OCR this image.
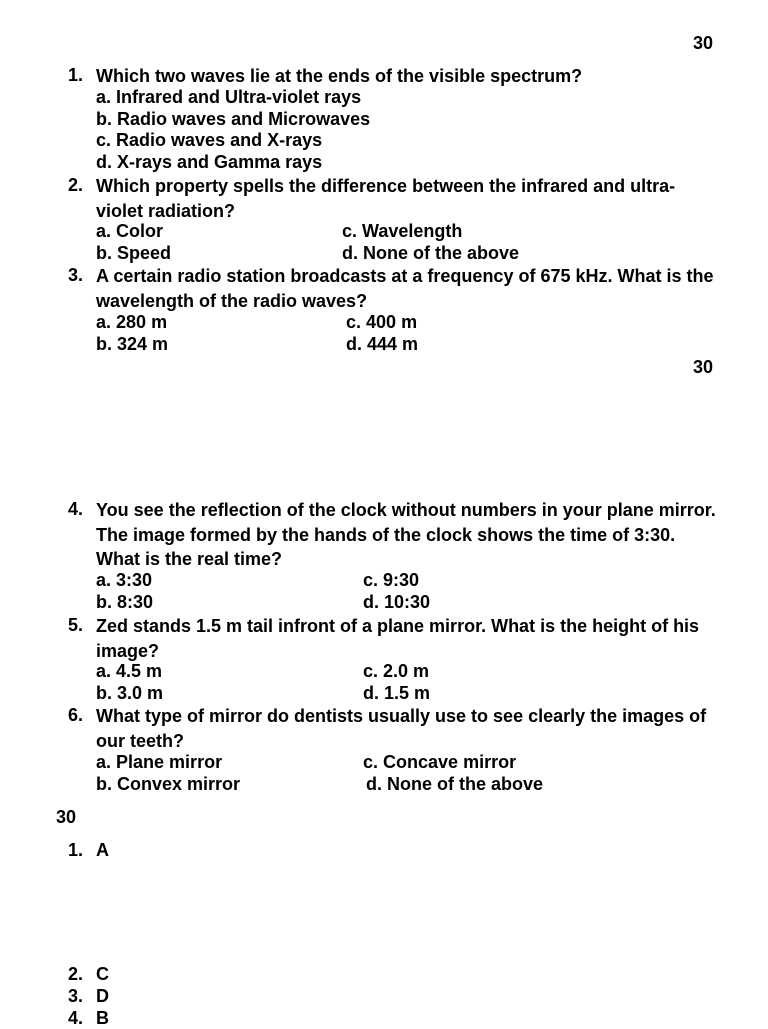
30
30
30
1. Which two waves lie at the ends of the visible spectrum?
a. Infrared and Ultra-violet rays
b. Radio waves and Microwaves
c. Radio waves and X-rays
d. X-rays and Gamma rays
2. Which property spells the difference between the infrared and ultra-violet radiation?
a. Color	c. Wavelength
b. Speed	d. None of the above
3. A certain radio station broadcasts at a frequency of 675 kHz. What is the wavelength of the radio waves?
a. 280 m	c. 400 m
b. 324 m	d. 444 m
4. You see the reflection of the clock without numbers in your plane mirror. The image formed by the hands of the clock shows the time of 3:30. What is the real time?
a. 3:30	c. 9:30
b. 8:30	d. 10:30
5. Zed stands 1.5 m tail infront of a plane mirror. What is the height of his image?
a. 4.5 m	c. 2.0 m
b. 3.0 m	d. 1.5 m
6. What type of mirror do dentists usually use to see clearly the images of our teeth?
a. Plane mirror	c. Concave mirror
b. Convex mirror	d. None of the above
1. A
2. C
3. D
4. B
